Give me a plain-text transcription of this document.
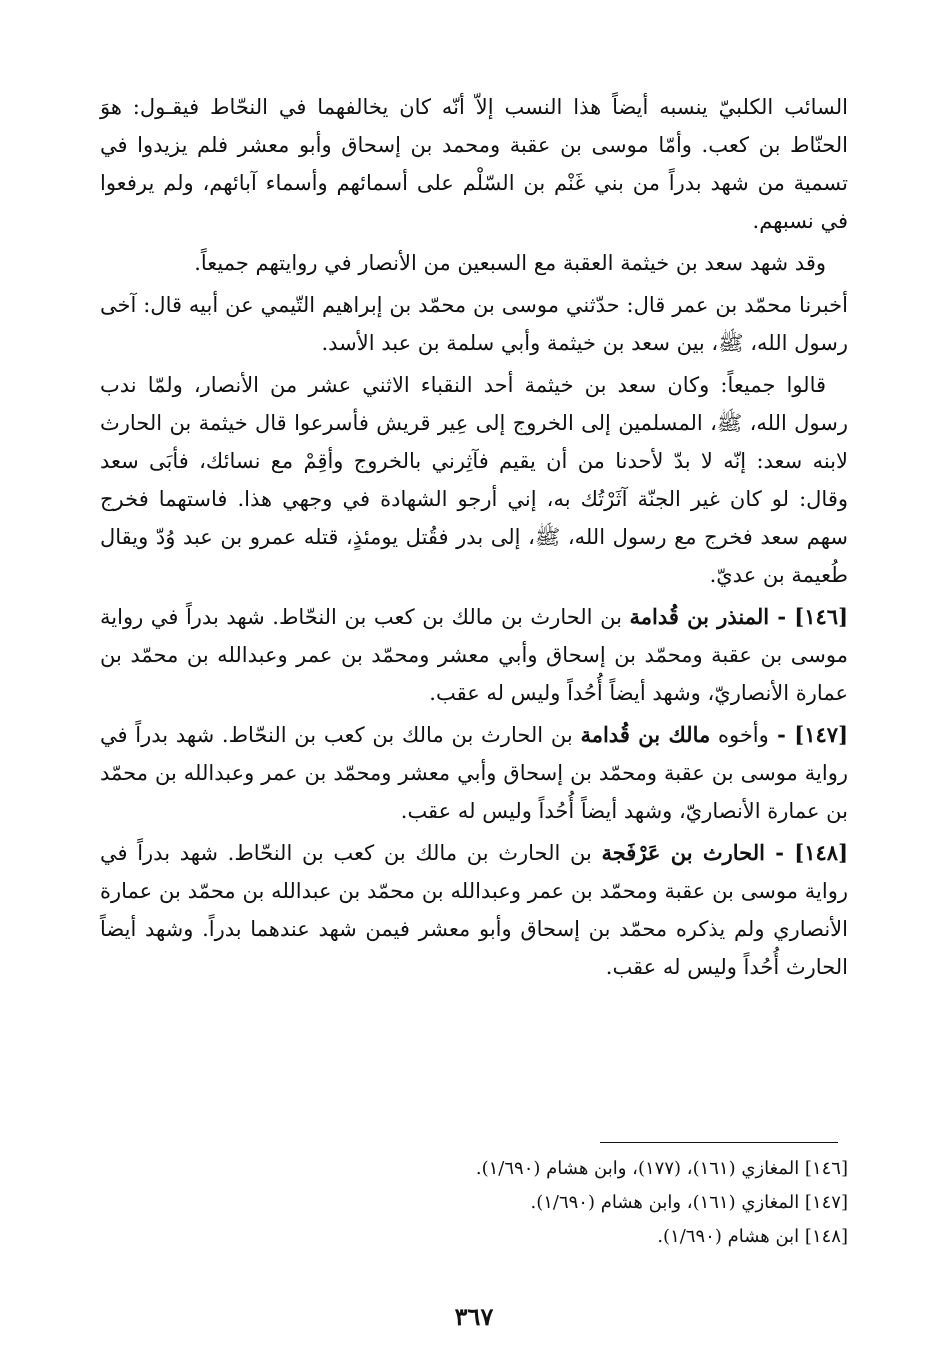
السائب الكلبيّ ينسبه أيضاً هذا النسب إلاّ أنّه كان يخالفهما في النحّاط فيقـول: هوَ الحنّاط بن كعب. وأمّا موسى بن عقبة ومحمد بن إسحاق وأبو معشر فلم يزيدوا في تسمية من شهد بدراً من بني غَنْم بن السّلْم على أسمائهم وأسماء آبائهم، ولم يرفعوا في نسبهم.

وقد شهد سعد بن خيثمة العقبة مع السبعين من الأنصار في روايتهم جميعاً.

أخبرنا محمّد بن عمر قال: حدّثني موسى بن محمّد بن إبراهيم التّيمي عن أبيه قال: آخى رسول الله، ﷺ، بين سعد بن خيثمة وأبي سلمة بن عبد الأسد.

قالوا جميعاً: وكان سعد بن خيثمة أحد النقباء الاثني عشر من الأنصار، ولمّا ندب رسول الله، ﷺ، المسلمين إلى الخروج إلى عِير قريش فأسرعوا قال خيثمة بن الحارث لابنه سعد: إنّه لا بدّ لأحدنا من أن يقيم فآثِرني بالخروج وأقِمْ مع نسائك، فأبَى سعد وقال: لو كان غير الجنّة آثَرْتُك به، إني أرجو الشهادة في وجهي هذا. فاستهما فخرج سهم سعد فخرج مع رسول الله، ﷺ، إلى بدر فقُتل يومئذٍ، قتله عمرو بن عبد وُدّ ويقال طُعيمة بن عديّ.

[١٤٦] - المنذر بن قُدامة بن الحارث بن مالك بن كعب بن النحّاط. شهد بدراً في رواية موسى بن عقبة ومحمّد بن إسحاق وأبي معشر ومحمّد بن عمر وعبدالله بن محمّد بن عمارة الأنصاريّ، وشهد أيضاً أُحُداً وليس له عقب.

[١٤٧] - وأخوه مالك بن قُدامة بن الحارث بن مالك بن كعب بن النحّاط. شهد بدراً في رواية موسى بن عقبة ومحمّد بن إسحاق وأبي معشر ومحمّد بن عمر وعبدالله بن محمّد بن عمارة الأنصاريّ، وشهد أيضاً أُحُداً وليس له عقب.

[١٤٨] - الحارث بن عَرْفَجة بن الحارث بن مالك بن كعب بن النحّاط. شهد بدراً في رواية موسى بن عقبة ومحمّد بن عمر وعبدالله بن محمّد بن عبدالله بن محمّد بن عمارة الأنصاري ولم يذكره محمّد بن إسحاق وأبو معشر فيمن شهد عندهما بدراً. وشهد أيضاً الحارث أُحُداً وليس له عقب.

[١٤٦] المغازي (١٦١)، (١٧٧)، وابن هشام (١/٦٩٠).

[١٤٧] المغازي (١٦١)، وابن هشام (١/٦٩٠).

[١٤٨] ابن هشام (١/٦٩٠).

٣٦٧
